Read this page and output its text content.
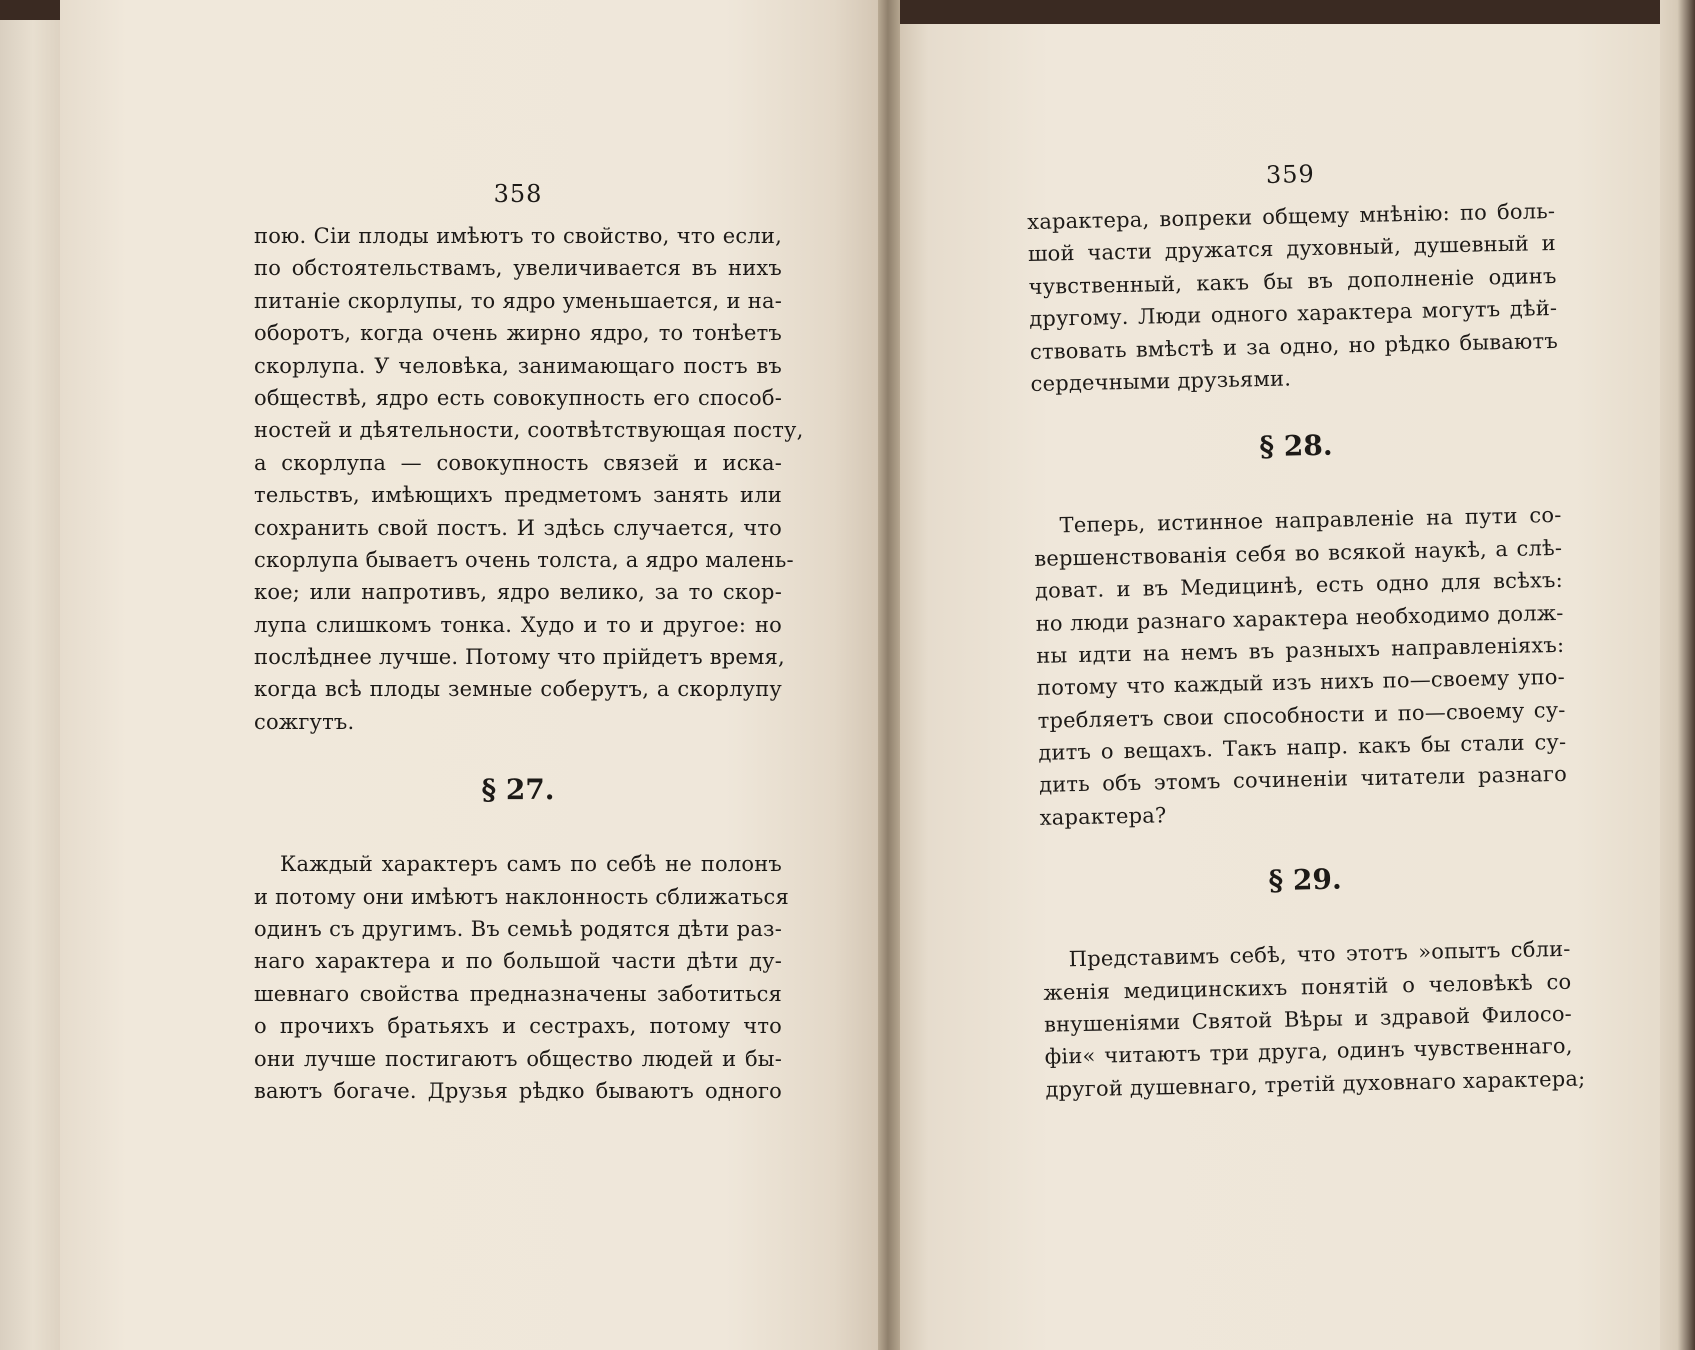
358
пою. Сіи плоды имѣютъ то свойство, что если,
по обстоятельствамъ, увеличивается въ нихъ
питаніе скорлупы, то ядро уменьшается, и на-
оборотъ, когда очень жирно ядро, то тонѣетъ
скорлупа. У человѣка, занимающаго постъ въ
обществѣ, ядро есть совокупность его способ-
ностей и дѣятельности, соотвѣтствующая посту,
а скорлупа — совокупность связей и иска-
тельствъ, имѣющихъ предметомъ занять или
сохранить свой постъ. И здѣсь случается, что
скорлупа бываетъ очень толста, а ядро малень-
кое; или напротивъ, ядро велико, за то скор-
лупа слишкомъ тонка. Худо и то и другое: но
послѣднее лучше. Потому что прійдетъ время,
когда всѣ плоды земные соберутъ, а скорлупу
сожгутъ.
§ 27.
Каждый характеръ самъ по себѣ не полонъ
и потому они имѣютъ наклонность сближаться
одинъ съ другимъ. Въ семьѣ родятся дѣти раз-
наго характера и по большой части дѣти ду-
шевнаго свойства предназначены заботиться
о прочихъ братьяхъ и сестрахъ, потому что
они лучше постигаютъ общество людей и бы-
ваютъ богаче. Друзья рѣдко бываютъ одного
359
характера, вопреки общему мнѣнію: по боль-
шой части дружатся духовный, душевный и
чувственный, какъ бы въ дополненіе одинъ
другому. Люди одного характера могутъ дѣй-
ствовать вмѣстѣ и за одно, но рѣдко бываютъ
сердечными друзьями.
§ 28.
Теперь, истинное направленіе на пути со-
вершенствованія себя во всякой наукѣ, а слѣ-
доват. и въ Медицинѣ, есть одно для всѣхъ:
но люди разнаго характера необходимо долж-
ны идти на немъ въ разныхъ направленіяхъ:
потому что каждый изъ нихъ по—своему упо-
требляетъ свои способности и по—своему су-
дитъ о вещахъ. Такъ напр. какъ бы стали су-
дить объ этомъ сочиненіи читатели разнаго
характера?
§ 29.
Представимъ себѣ, что этотъ »опытъ сбли-
женія медицинскихъ понятій о человѣкѣ со
внушеніями Святой Вѣры и здравой Филосо-
фіи« читаютъ три друга, одинъ чувственнаго,
другой душевнаго, третій духовнаго характера;
